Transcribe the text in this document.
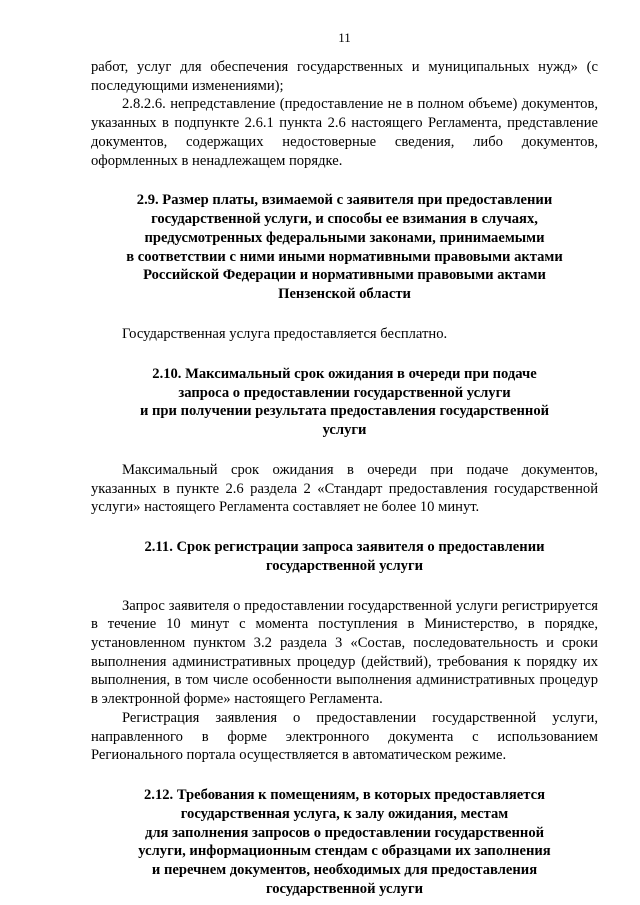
11

работ, услуг для обеспечения государственных и муниципальных нужд» (с последующими изменениями);

2.8.2.6. непредставление (предоставление не в полном объеме) документов, указанных в подпункте 2.6.1 пункта 2.6 настоящего Регламента, представление документов, содержащих недостоверные сведения, либо документов, оформленных в ненадлежащем порядке.

2.9. Размер платы, взимаемой с заявителя при предоставлении
государственной услуги, и способы ее взимания в случаях,
предусмотренных федеральными законами, принимаемыми
в соответствии с ними иными нормативными правовыми актами
Российской Федерации и нормативными правовыми актами
Пензенской области

Государственная услуга предоставляется бесплатно.

2.10. Максимальный срок ожидания в очереди при подаче
запроса о предоставлении государственной услуги
и при получении результата предоставления государственной
услуги

Максимальный срок ожидания в очереди при подаче документов, указанных в пункте 2.6 раздела 2 «Стандарт предоставления государственной услуги» настоящего Регламента составляет не более 10 минут.

2.11. Срок регистрации запроса заявителя о предоставлении
государственной услуги

Запрос заявителя о предоставлении государственной услуги регистрируется в течение 10 минут с момента поступления в Министерство, в порядке, установленном пунктом 3.2 раздела 3 «Состав, последовательность и сроки выполнения административных процедур (действий), требования к порядку их выполнения, в том числе особенности выполнения административных процедур в электронной форме» настоящего Регламента.

Регистрация заявления о предоставлении государственной услуги, направленного в форме электронного документа с использованием Регионального портала осуществляется в автоматическом режиме.

2.12. Требования к помещениям, в которых предоставляется
государственная услуга, к залу ожидания, местам
для заполнения запросов о предоставлении государственной
услуги, информационным стендам с образцами их заполнения
и перечнем документов, необходимых для предоставления
государственной услуги
